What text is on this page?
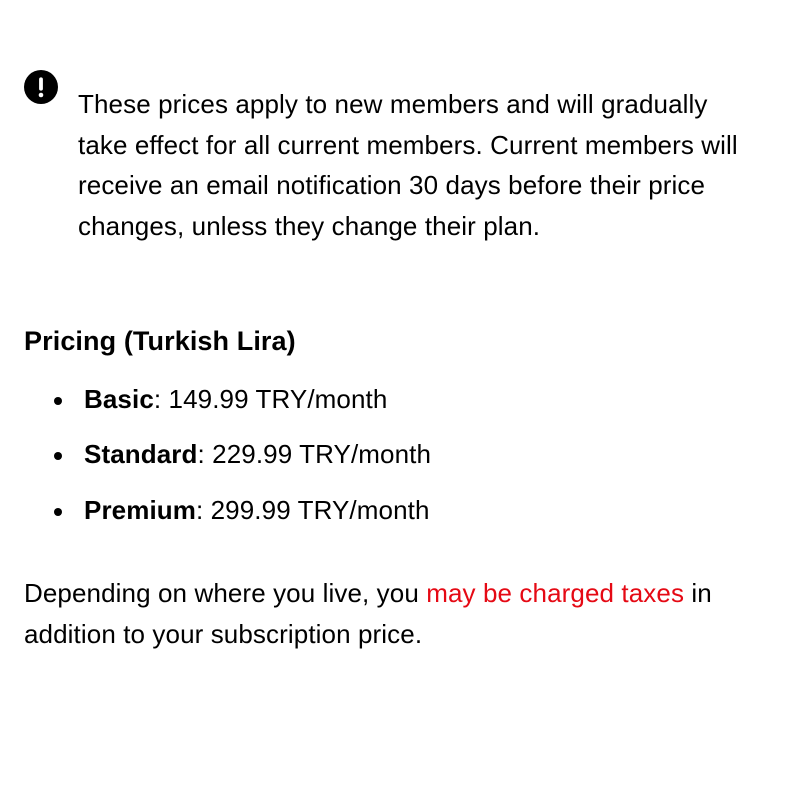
These prices apply to new members and will gradually take effect for all current members. Current members will receive an email notification 30 days before their price changes, unless they change their plan.

Pricing (Turkish Lira)
Basic: 149.99 TRY/month
Standard: 229.99 TRY/month
Premium: 299.99 TRY/month

Depending on where you live, you may be charged taxes in addition to your subscription price.
